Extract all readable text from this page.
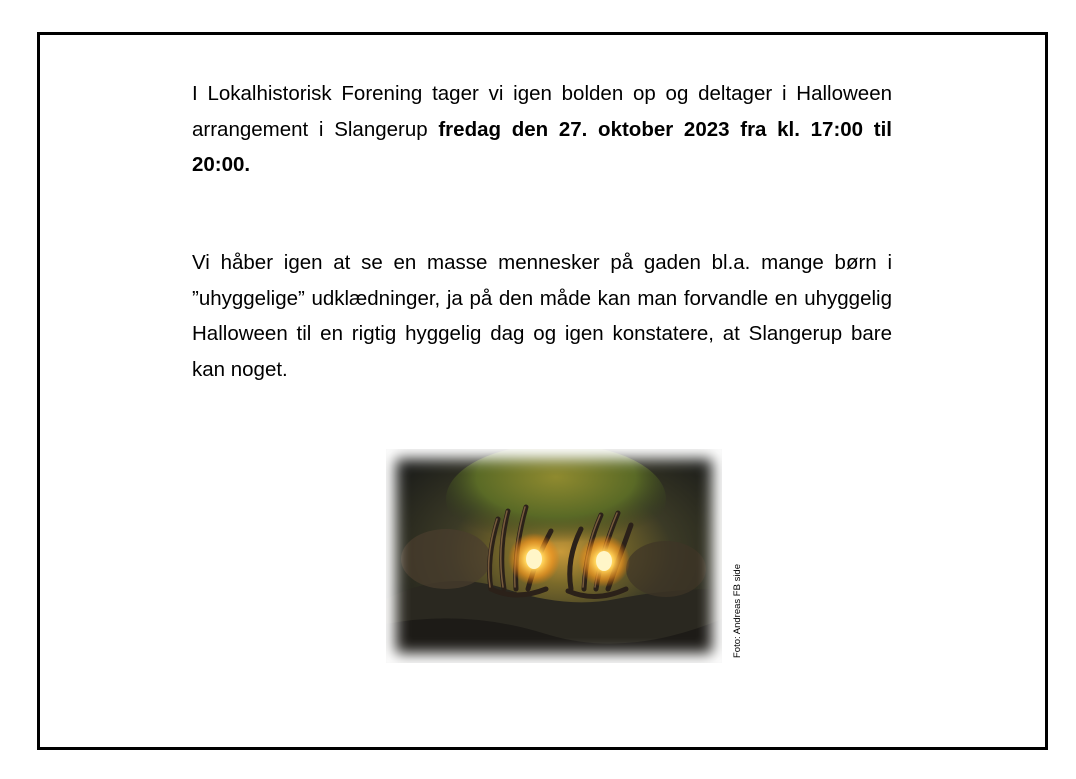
I Lokalhistorisk Forening tager vi igen bolden op og deltager i Halloween arrangement i Slangerup fredag den 27. oktober 2023 fra kl. 17:00 til 20:00.

Vi håber igen at se en masse mennesker på gaden bl.a. mange børn i ”uhyggelige” udklædninger, ja på den måde kan man forvandle en uhyggelig Halloween til en rigtig hyggelig dag og igen konstatere, at Slangerup bare kan noget.

Foto: Andreas FB side
